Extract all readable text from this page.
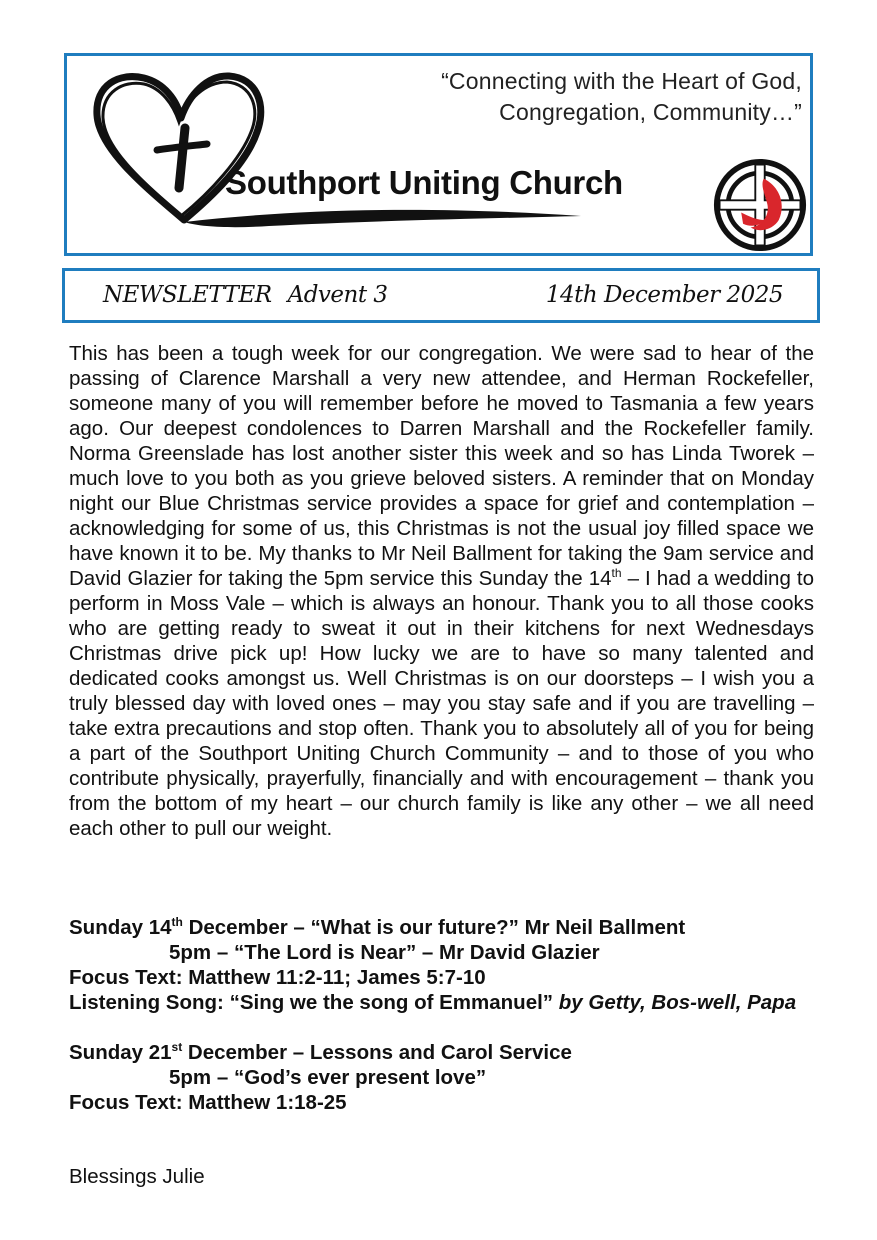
“Connecting with the Heart of God,
Congregation, Community…”
Southport Uniting Church
NEWSLETTER Advent 3	14th December 2025

This has been a tough week for our congregation. We were sad to hear of the passing of Clarence Marshall a very new attendee, and Herman Rockefeller, someone many of you will remember before he moved to Tasmania a few years ago. Our deepest condolences to Darren Marshall and the Rockefeller family. Norma Greenslade has lost another sister this week and so has Linda Tworek – much love to you both as you grieve beloved sisters. A reminder that on Monday night our Blue Christmas service provides a space for grief and contemplation – acknowledging for some of us, this Christmas is not the usual joy filled space we have known it to be. My thanks to Mr Neil Ballment for taking the 9am service and David Glazier for taking the 5pm service this Sunday the 14th – I had a wedding to perform in Moss Vale – which is always an honour. Thank you to all those cooks who are getting ready to sweat it out in their kitchens for next Wednesdays Christmas drive pick up! How lucky we are to have so many talented and dedicated cooks amongst us. Well Christmas is on our doorsteps – I wish you a truly blessed day with loved ones – may you stay safe and if you are travelling – take extra precautions and stop often. Thank you to absolutely all of you for being a part of the Southport Uniting Church Community – and to those of you who contribute physically, prayerfully, financially and with encouragement – thank you from the bottom of my heart – our church family is like any other – we all need each other to pull our weight.

Sunday 14th December – “What is our future?” Mr Neil Ballment
5pm – “The Lord is Near” – Mr David Glazier
Focus Text: Matthew 11:2-11; James 5:7-10
Listening Song: “Sing we the song of Emmanuel” by Getty, Bos-well, Papa
Sunday 21st December – Lessons and Carol Service
5pm – “God’s ever present love”
Focus Text: Matthew 1:18-25
Blessings Julie
